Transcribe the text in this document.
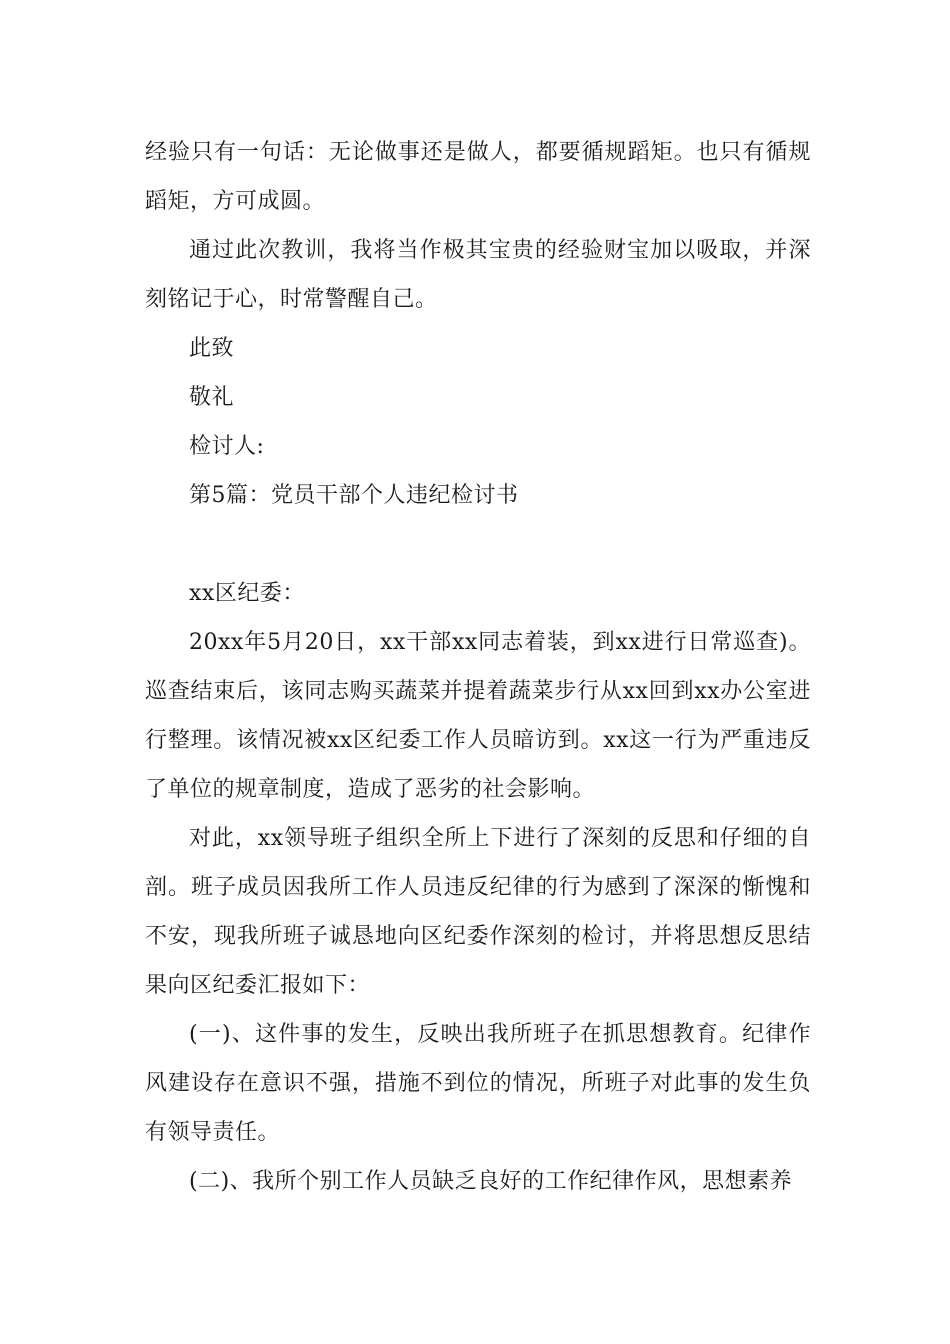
经验只有一句话：无论做事还是做人，都要循规蹈矩。也只有循规蹈矩，方可成圆。

通过此次教训，我将当作极其宝贵的经验财宝加以吸取，并深刻铭记于心，时常警醒自己。

此致

敬礼

检讨人:

第5篇：党员干部个人违纪检讨书

xx区纪委：

20xx年5月20日，xx干部xx同志着装，到xx进行日常巡查)。巡查结束后，该同志购买蔬菜并提着蔬菜步行从xx回到xx办公室进行整理。该情况被xx区纪委工作人员暗访到。xx这一行为严重违反了单位的规章制度，造成了恶劣的社会影响。

对此，xx领导班子组织全所上下进行了深刻的反思和仔细的自剖。班子成员因我所工作人员违反纪律的行为感到了深深的惭愧和不安，现我所班子诚恳地向区纪委作深刻的检讨，并将思想反思结果向区纪委汇报如下：

(一)、这件事的发生，反映出我所班子在抓思想教育。纪律作风建设存在意识不强，措施不到位的情况，所班子对此事的发生负有领导责任。

(二)、我所个别工作人员缺乏良好的工作纪律作风，思想素养
